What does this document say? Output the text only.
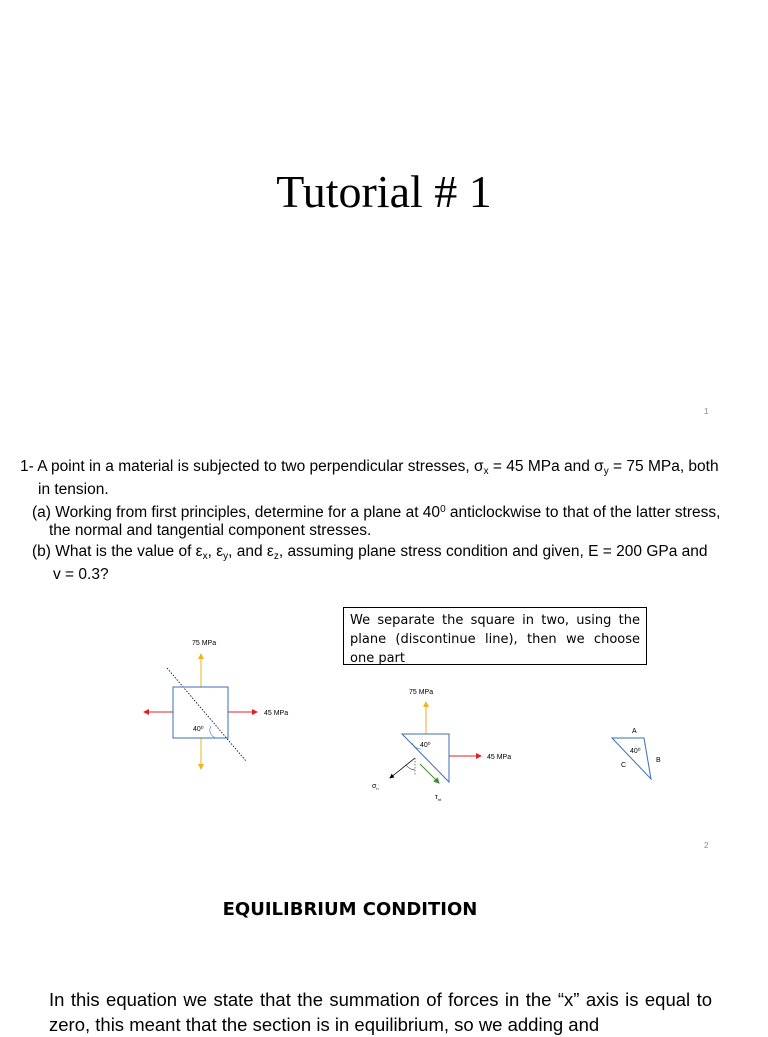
Tutorial # 1
1
1- A point in a material is subjected to two perpendicular stresses, $\sigma_x = 45$ MPa and $\sigma_y = 75$ MPa, both
in tension.
(a) Working from first principles, determine for a plane at $40^0$ anticlockwise to that of the latter stress,
the normal and tangential component stresses.
(b) What is the value of $\varepsilon_x$, $\varepsilon_y$, and $\varepsilon_z$, assuming plane stress condition and given, E = 200 GPa and
v = 0.3?
We separate the square in two, using the plane (discontinue line), then we choose one part
75 MPa
45 MPa
40⁰
75 MPa
45 MPa
40⁰
$\sigma_n$
$\tau_{nt}$
A
40⁰
B
C
2
EQUILIBRIUM CONDITION
In this equation we state that the summation of forces in the “x” axis is equal to zero, this meant that the section is in equilibrium, so we adding and
